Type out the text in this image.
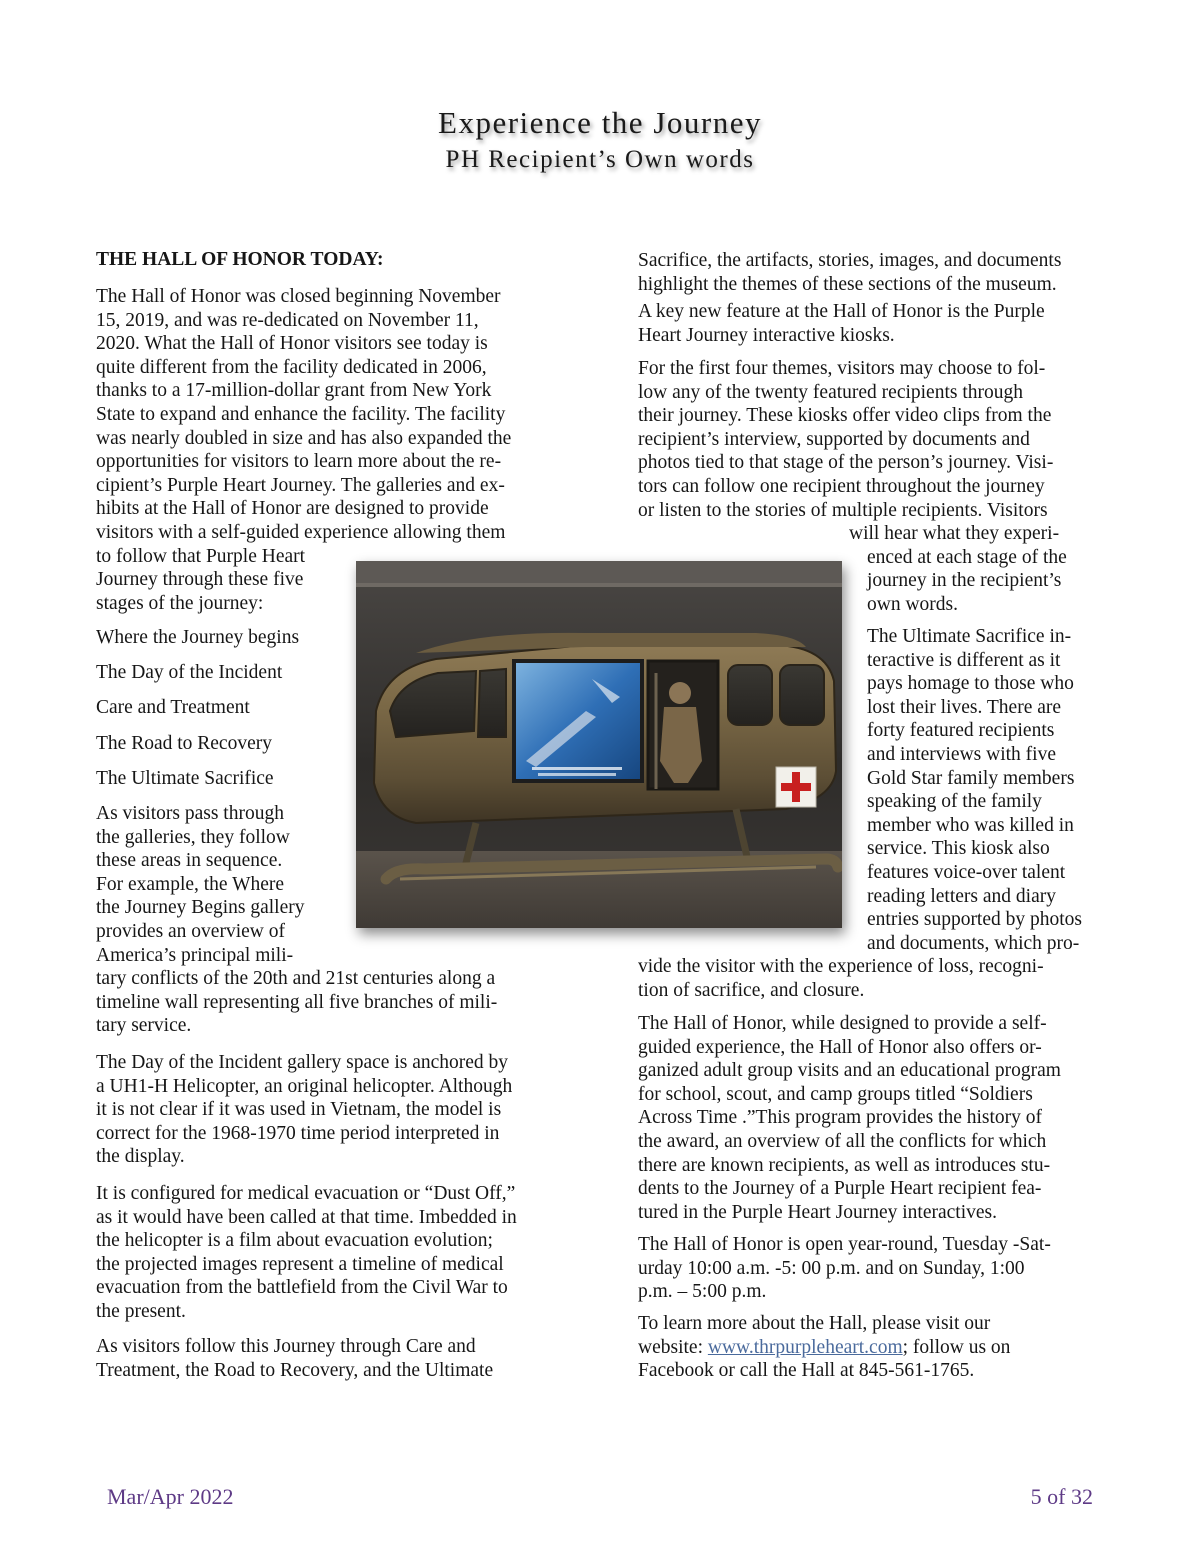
Experience the Journey
PH Recipient’s Own words
THE HALL OF HONOR TODAY:
The Hall of Honor was closed beginning November
15, 2019, and was re-dedicated on November 11,
2020. What the Hall of Honor visitors see today is
quite different from the facility dedicated in 2006,
thanks to a 17-million-dollar grant from New York
State to expand and enhance the facility. The facility
was nearly doubled in size and has also expanded the
opportunities for visitors to learn more about the re-
cipient’s Purple Heart Journey. The galleries and ex-
hibits at the Hall of Honor are designed to provide
visitors with a self-guided experience allowing them
to follow that Purple Heart
Journey through these five
stages of the journey:
Where the Journey begins
The Day of the Incident
Care and Treatment
The Road to Recovery
The Ultimate Sacrifice
As visitors pass through
the galleries, they follow
these areas in sequence.
For example, the Where
the Journey Begins gallery
provides an overview of
America’s principal mili-
tary conflicts of the 20th and 21st centuries along a
timeline wall representing all five branches of mili-
tary service.
The Day of the Incident gallery space is anchored by
a UH1-H Helicopter, an original helicopter. Although
it is not clear if it was used in Vietnam, the model is
correct for the 1968-1970 time period interpreted in
the display.
It is configured for medical evacuation or “Dust Off,”
as it would have been called at that time. Imbedded in
the helicopter is a film about evacuation evolution;
the projected images represent a timeline of medical
evacuation from the battlefield from the Civil War to
the present.
As visitors follow this Journey through Care and
Treatment, the Road to Recovery, and the Ultimate
Sacrifice, the artifacts, stories, images, and documents
highlight the themes of these sections of the museum.
A key new feature at the Hall of Honor is the Purple
Heart Journey interactive kiosks.
For the first four themes, visitors may choose to fol-
low any of the twenty featured recipients through
their journey. These kiosks offer video clips from the
recipient’s interview, supported by documents and
photos tied to that stage of the person’s journey. Visi-
tors can follow one recipient throughout the journey
or listen to the stories of multiple recipients. Visitors
will hear what they experi-
enced at each stage of the
journey in the recipient’s
own words.
The Ultimate Sacrifice in-
teractive is different as it
pays homage to those who
lost their lives. There are
forty featured recipients
and interviews with five
Gold Star family members
speaking of the family
member who was killed in
service. This kiosk also
features voice-over talent
reading letters and diary
entries supported by photos
and documents, which pro-
vide the visitor with the experience of loss, recogni-
tion of sacrifice, and closure.
The Hall of Honor, while designed to provide a self-
guided experience, the Hall of Honor also offers or-
ganized adult group visits and an educational program
for school, scout, and camp groups titled “Soldiers
Across Time .”This program provides the history of
the award, an overview of all the conflicts for which
there are known recipients, as well as introduces stu-
dents to the Journey of a Purple Heart recipient fea-
tured in the Purple Heart Journey interactives.
The Hall of Honor is open year-round, Tuesday -Sat-
urday 10:00 a.m. -5: 00 p.m. and on Sunday, 1:00
p.m. – 5:00 p.m.
To learn more about the Hall, please visit our
website: www.thrpurpleheart.com; follow us on
Facebook or call the Hall at 845-561-1765.
Mar/Apr 2022	5 of 32
